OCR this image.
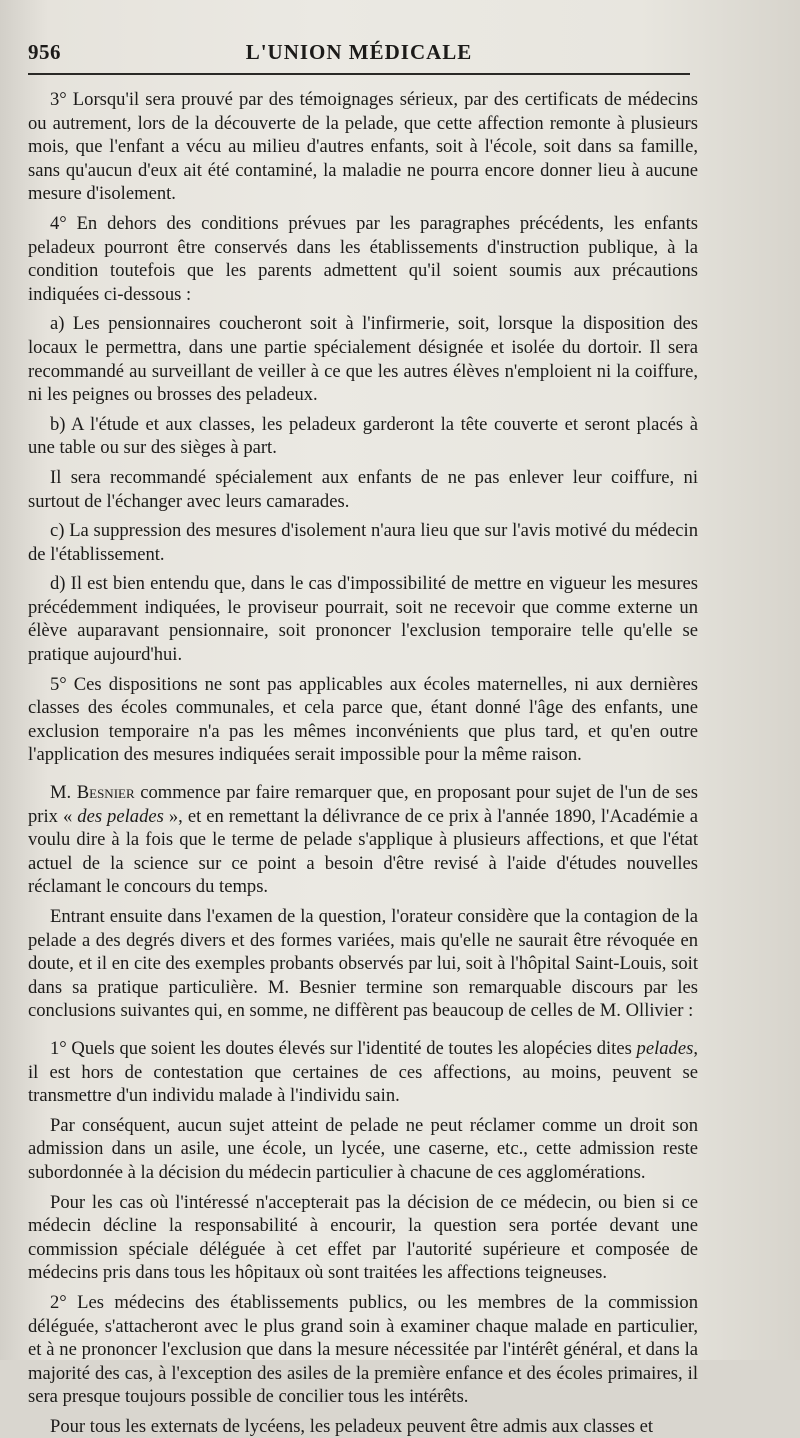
956	L'UNION MÉDICALE

3° Lorsqu'il sera prouvé par des témoignages sérieux, par des certificats de médecins ou autrement, lors de la découverte de la pelade, que cette affection remonte à plusieurs mois, que l'enfant a vécu au milieu d'autres enfants, soit à l'école, soit dans sa famille, sans qu'aucun d'eux ait été contaminé, la maladie ne pourra encore donner lieu à aucune mesure d'isolement.

4° En dehors des conditions prévues par les paragraphes précédents, les enfants peladeux pourront être conservés dans les établissements d'instruction publique, à la condition toutefois que les parents admettent qu'il soient soumis aux précautions indiquées ci-dessous :

a) Les pensionnaires coucheront soit à l'infirmerie, soit, lorsque la disposition des locaux le permettra, dans une partie spécialement désignée et isolée du dortoir. Il sera recommandé au surveillant de veiller à ce que les autres élèves n'emploient ni la coiffure, ni les peignes ou brosses des peladeux.

b) A l'étude et aux classes, les peladeux garderont la tête couverte et seront placés à une table ou sur des sièges à part.

Il sera recommandé spécialement aux enfants de ne pas enlever leur coiffure, ni surtout de l'échanger avec leurs camarades.

c) La suppression des mesures d'isolement n'aura lieu que sur l'avis motivé du médecin de l'établissement.

d) Il est bien entendu que, dans le cas d'impossibilité de mettre en vigueur les mesures précédemment indiquées, le proviseur pourrait, soit ne recevoir que comme externe un élève auparavant pensionnaire, soit prononcer l'exclusion temporaire telle qu'elle se pratique aujourd'hui.

5° Ces dispositions ne sont pas applicables aux écoles maternelles, ni aux dernières classes des écoles communales, et cela parce que, étant donné l'âge des enfants, une exclusion temporaire n'a pas les mêmes inconvénients que plus tard, et qu'en outre l'application des mesures indiquées serait impossible pour la même raison.

M. Besnier commence par faire remarquer que, en proposant pour sujet de l'un de ses prix « des pelades », et en remettant la délivrance de ce prix à l'année 1890, l'Académie a voulu dire à la fois que le terme de pelade s'applique à plusieurs affections, et que l'état actuel de la science sur ce point a besoin d'être revisé à l'aide d'études nouvelles réclamant le concours du temps.

Entrant ensuite dans l'examen de la question, l'orateur considère que la contagion de la pelade a des degrés divers et des formes variées, mais qu'elle ne saurait être révoquée en doute, et il en cite des exemples probants observés par lui, soit à l'hôpital Saint-Louis, soit dans sa pratique particulière. M. Besnier termine son remarquable discours par les conclusions suivantes qui, en somme, ne diffèrent pas beaucoup de celles de M. Ollivier :

1° Quels que soient les doutes élevés sur l'identité de toutes les alopécies dites pelades, il est hors de contestation que certaines de ces affections, au moins, peuvent se transmettre d'un individu malade à l'individu sain.

Par conséquent, aucun sujet atteint de pelade ne peut réclamer comme un droit son admission dans un asile, une école, un lycée, une caserne, etc., cette admission reste subordonnée à la décision du médecin particulier à chacune de ces agglomérations.

Pour les cas où l'intéressé n'accepterait pas la décision de ce médecin, ou bien si ce médecin décline la responsabilité à encourir, la question sera portée devant une commission spéciale déléguée à cet effet par l'autorité supérieure et composée de médecins pris dans tous les hôpitaux où sont traitées les affections teigneuses.

2° Les médecins des établissements publics, ou les membres de la commission déléguée, s'attacheront avec le plus grand soin à examiner chaque malade en particulier, et à ne prononcer l'exclusion que dans la mesure nécessitée par l'intérêt général, et dans la majorité des cas, à l'exception des asiles de la première enfance et des écoles primaires, il sera presque toujours possible de concilier tous les intérêts.

Pour tous les externats de lycéens, les peladeux peuvent être admis aux classes et
